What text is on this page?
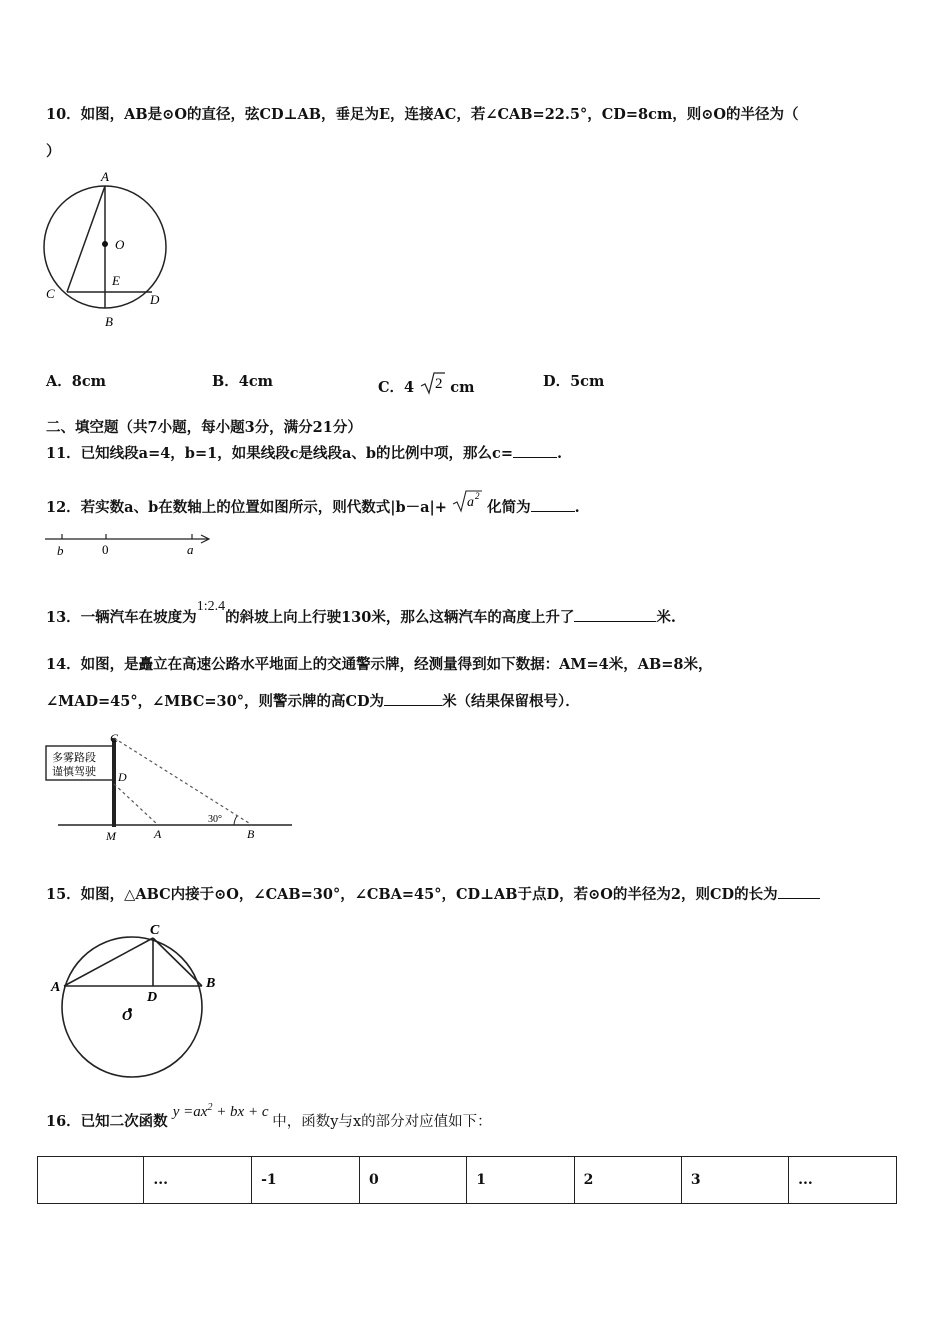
10．如图，AB是⊙O的直径，弦CD⊥AB，垂足为E，连接AC，若∠CAB=22.5°，CD=8cm，则⊙O的半径为（
）
A
O
E
C	D
B
A．8cm	B．4cm	C．4 2 cm	D．5cm
二、填空题（共7小题，每小题3分，满分21分）
11．已知线段a=4，b=1，如果线段c是线段a、b的比例中项，那么c=	.
12．若实数a、b在数轴上的位置如图所示，则代数式|b－a|+ a 2
化简为	.
b	0	a
13．一辆汽车在坡度为1:2.4的斜坡上向上行驶130米，那么这辆汽车的高度上升了	米.
14．如图，是矗立在高速公路水平地面上的交通警示牌，经测量得到如下数据：AM=4米，AB=8米，
∠MAD=45°，∠MBC=30°，则警示牌的高CD为	米（结果保留根号）．
多雾路段
谨慎驾驶
C
D
M	A	B
30°
15．如图，△ABC内接于⊙O，∠CAB=30°，∠CBA=45°，CD⊥AB于点D，若⊙O的半径为2，则CD的长为
C
A	B
D
O
16．已知二次函数 $y =ax^2$ + bx + c 中，函数y与x的部分对应值如下：
	...	-1	0	1	2	3	...
